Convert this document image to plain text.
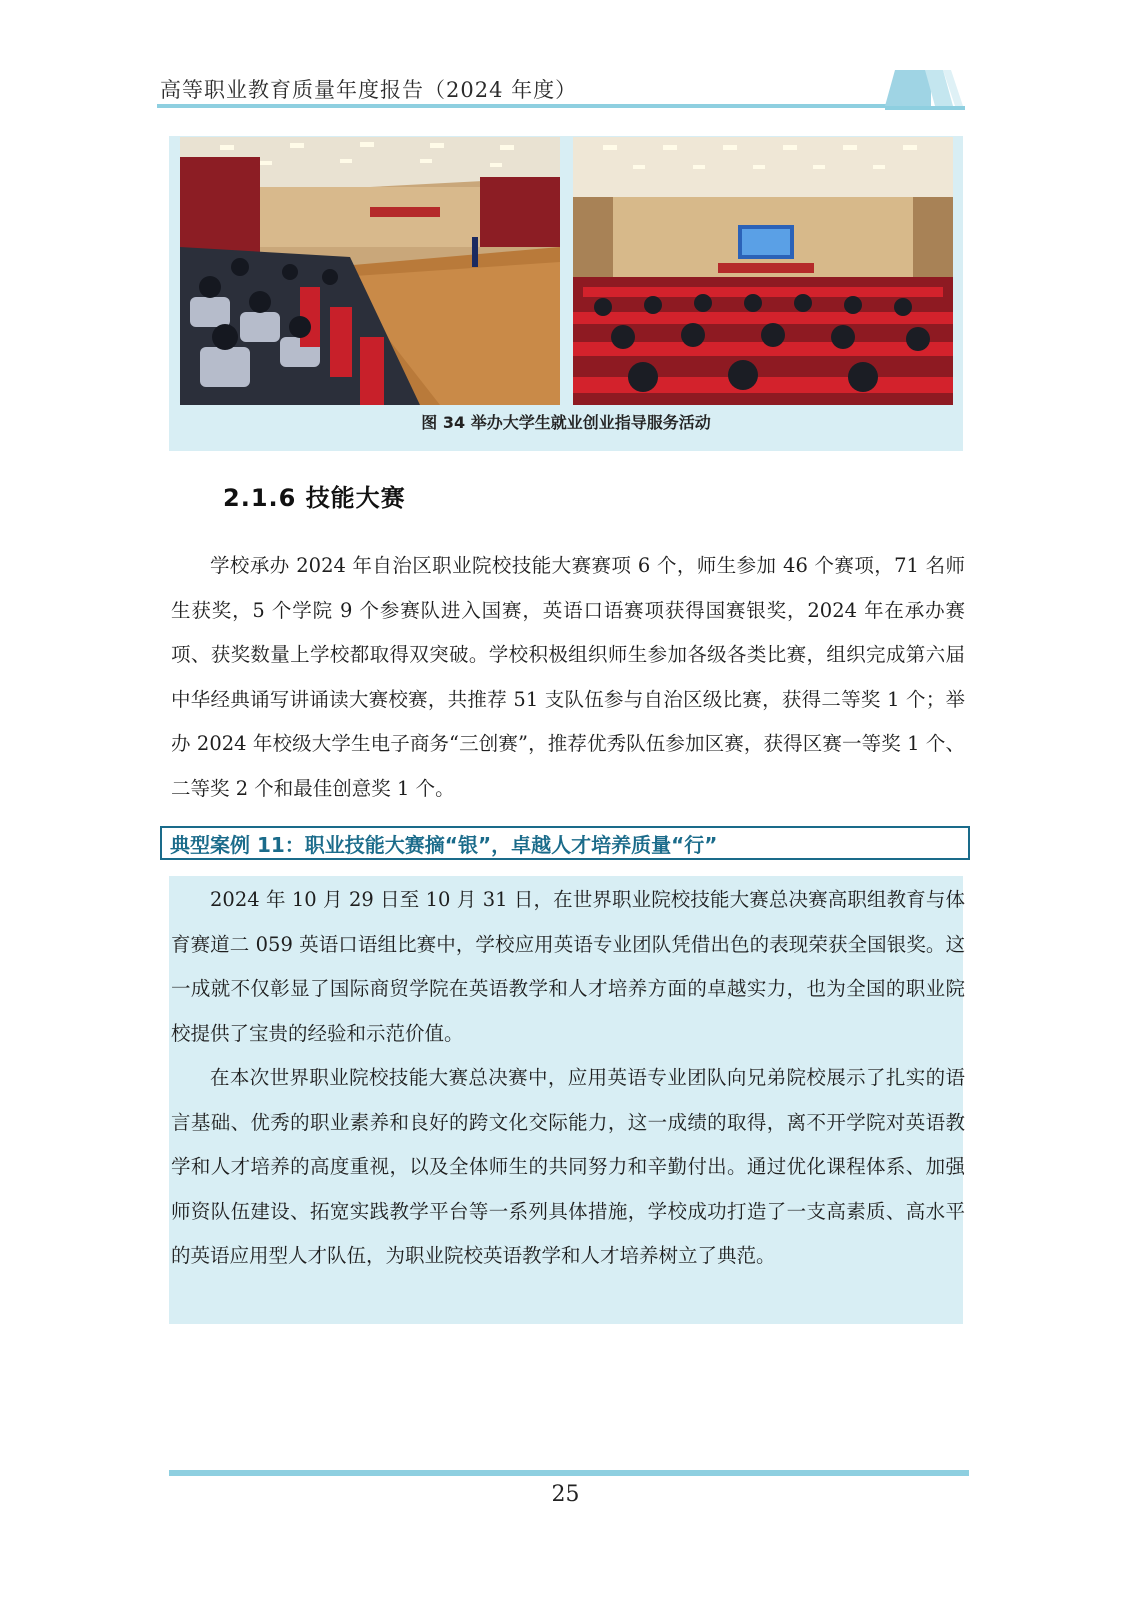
高等职业教育质量年度报告（2024 年度）
图 34 举办大学生就业创业指导服务活动
2.1.6 技能大赛

学校承办 2024 年自治区职业院校技能大赛赛项 6 个，师生参加 46 个赛项，71 名师生获奖，5 个学院 9 个参赛队进入国赛，英语口语赛项获得国赛银奖，2024 年在承办赛项、获奖数量上学校都取得双突破。学校积极组织师生参加各级各类比赛，组织完成第六届中华经典诵写讲诵读大赛校赛，共推荐 51 支队伍参与自治区级比赛，获得二等奖 1 个；举办 2024 年校级大学生电子商务“三创赛”，推荐优秀队伍参加区赛，获得区赛一等奖 1 个、二等奖 2 个和最佳创意奖 1 个。

典型案例 11：职业技能大赛摘“银”，卓越人才培养质量“行”

2024 年 10 月 29 日至 10 月 31 日，在世界职业院校技能大赛总决赛高职组教育与体育赛道二 059 英语口语组比赛中，学校应用英语专业团队凭借出色的表现荣获全国银奖。这一成就不仅彰显了国际商贸学院在英语教学和人才培养方面的卓越实力，也为全国的职业院校提供了宝贵的经验和示范价值。

在本次世界职业院校技能大赛总决赛中，应用英语专业团队向兄弟院校展示了扎实的语言基础、优秀的职业素养和良好的跨文化交际能力，这一成绩的取得，离不开学院对英语教学和人才培养的高度重视，以及全体师生的共同努力和辛勤付出。通过优化课程体系、加强师资队伍建设、拓宽实践教学平台等一系列具体措施，学校成功打造了一支高素质、高水平的英语应用型人才队伍，为职业院校英语教学和人才培养树立了典范。

25
